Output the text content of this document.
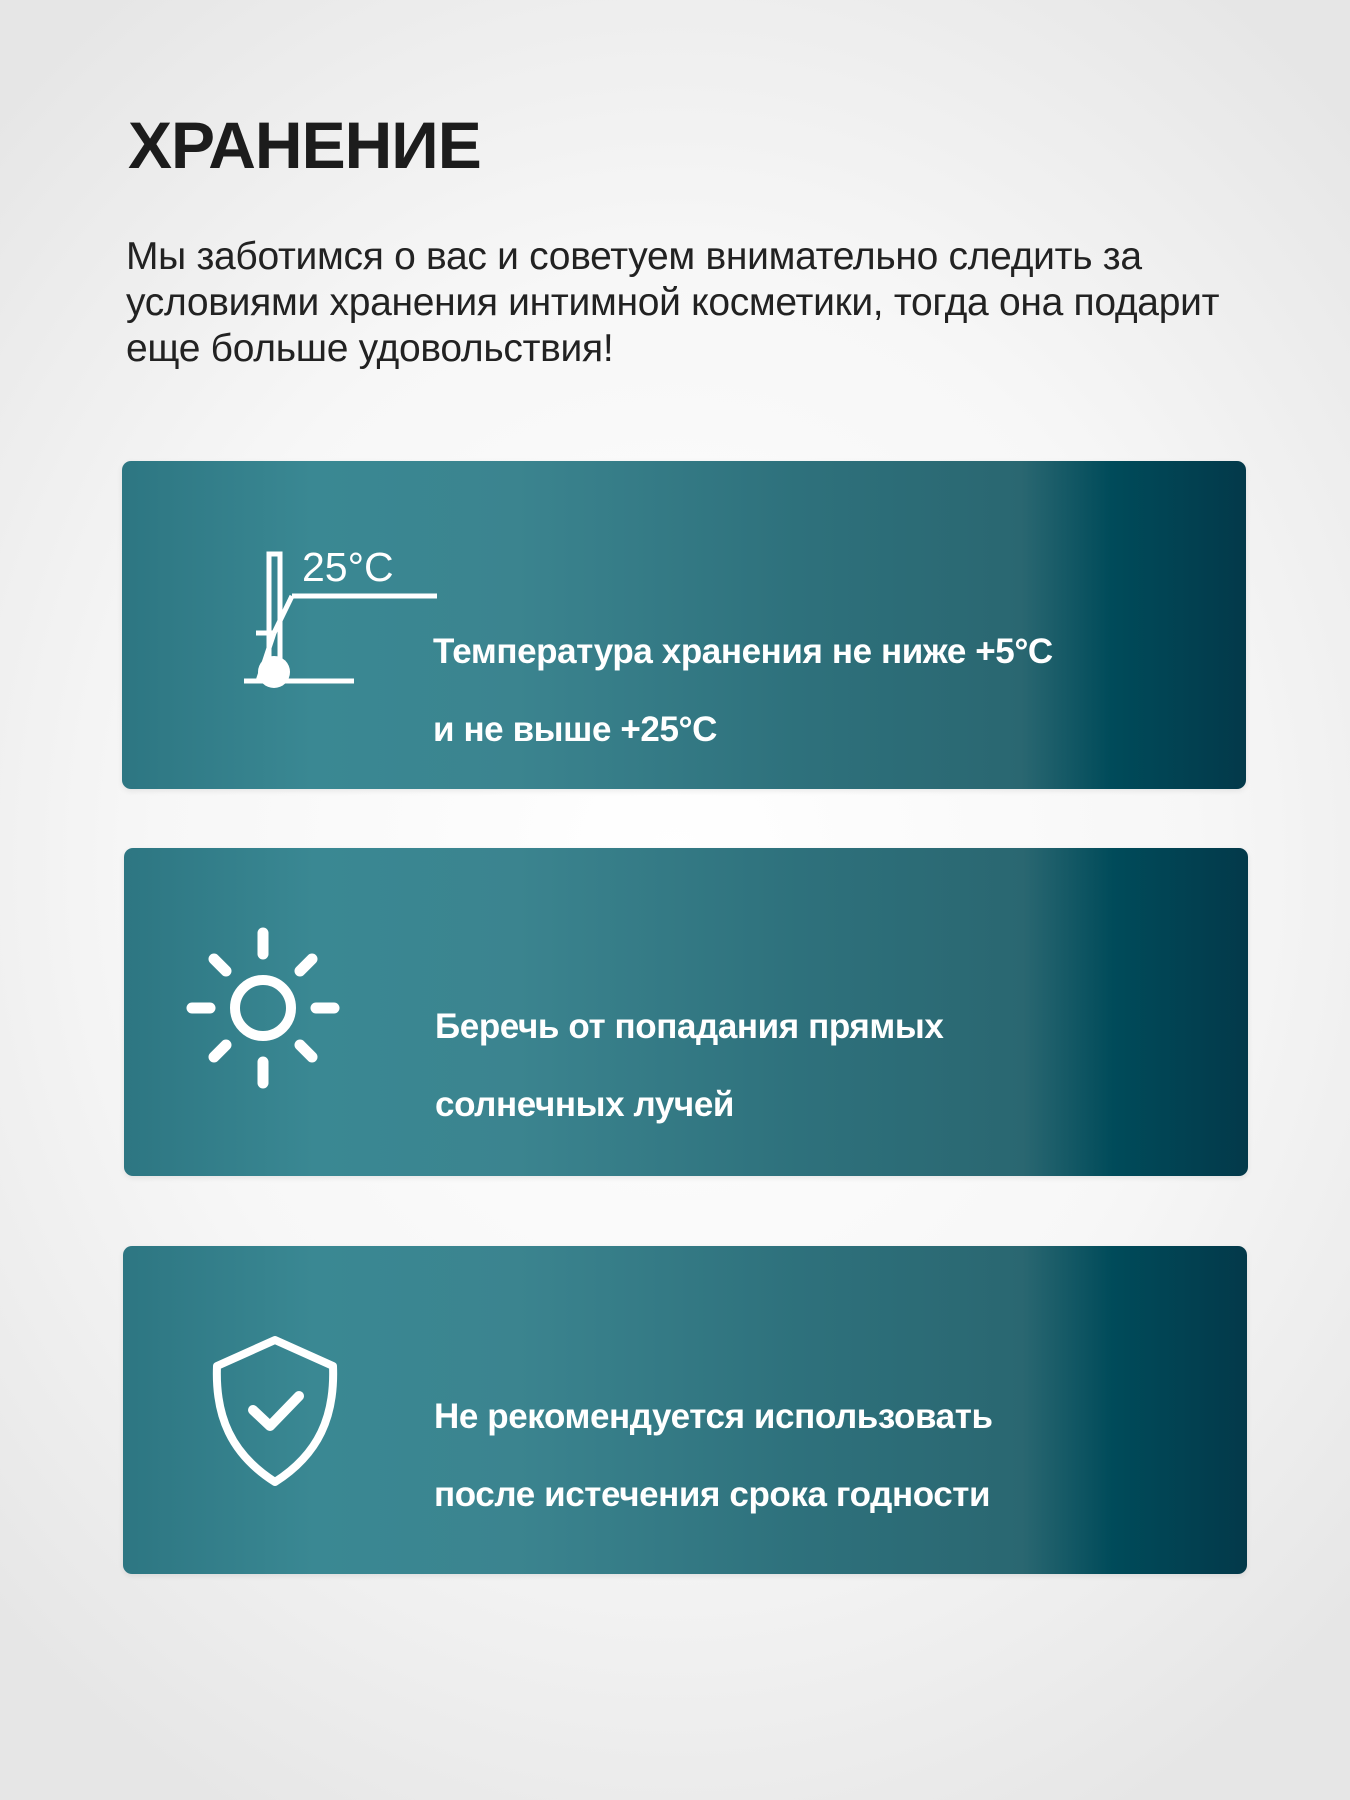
ХРАНЕНИЕ

Мы заботимся о вас и советуем внимательно следить за условиями хранения интимной косметики, тогда она подарит еще больше удовольствия!

25°C

Температура хранения не ниже +5°C

и не выше +25°C

Беречь от попадания прямых

солнечных лучей

Не рекомендуется использовать

после истечения срока годности
